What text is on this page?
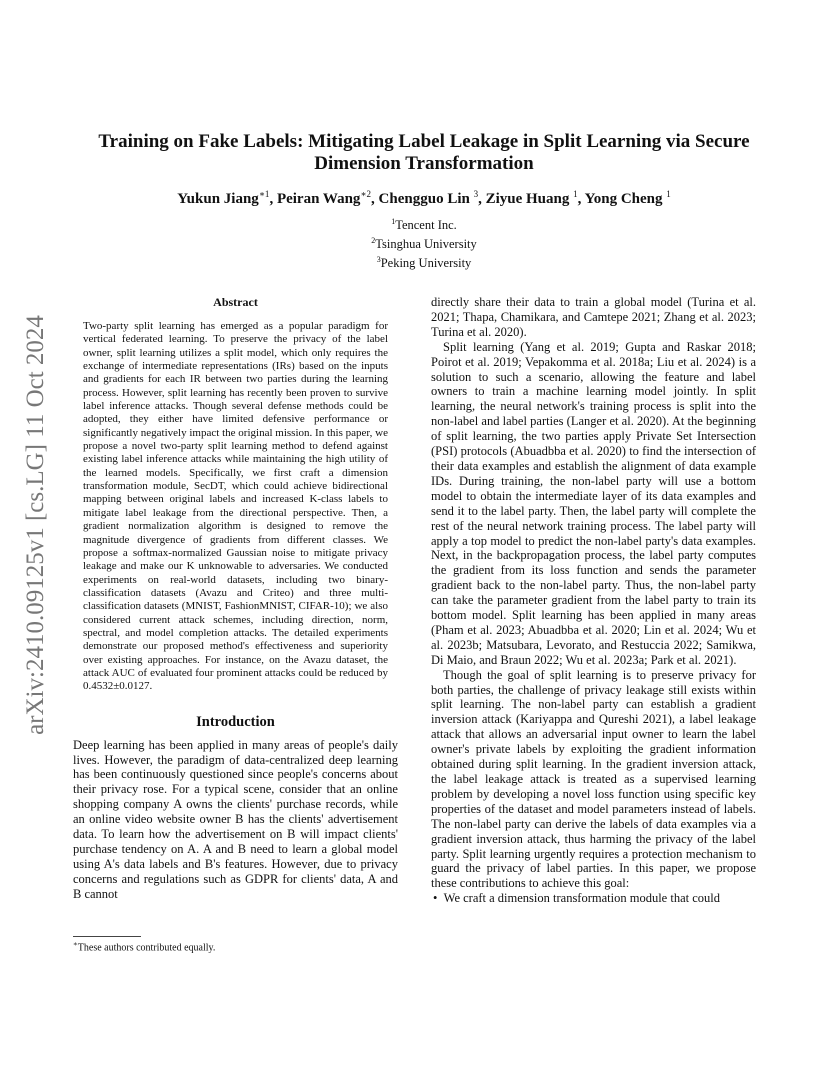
arXiv:2410.09125v1 [cs.LG] 11 Oct 2024
Training on Fake Labels: Mitigating Label Leakage in Split Learning via Secure Dimension Transformation
Yukun Jiang$^{∗1}$, Peiran Wang$^{∗2}$, Chengguo Lin $^3$, Ziyue Huang $^1$, Yong Cheng $^1$
$^1$Tencent Inc.
$^2$Tsinghua University
$^3$Peking University
Abstract

Two-party split learning has emerged as a popular paradigm for vertical federated learning. To preserve the privacy of the label owner, split learning utilizes a split model, which only requires the exchange of intermediate representations (IRs) based on the inputs and gradients for each IR between two parties during the learning process. However, split learning has recently been proven to survive label inference attacks. Though several defense methods could be adopted, they either have limited defensive performance or significantly negatively impact the original mission. In this paper, we propose a novel two-party split learning method to defend against existing label inference attacks while maintaining the high utility of the learned models. Specifically, we first craft a dimension transformation module, SecDT, which could achieve bidirectional mapping between original labels and increased K-class labels to mitigate label leakage from the directional perspective. Then, a gradient normalization algorithm is designed to remove the magnitude divergence of gradients from different classes. We propose a softmax-normalized Gaussian noise to mitigate privacy leakage and make our K unknowable to adversaries. We conducted experiments on real-world datasets, including two binary-classification datasets (Avazu and Criteo) and three multi-classification datasets (MNIST, FashionMNIST, CIFAR-10); we also considered current attack schemes, including direction, norm, spectral, and model completion attacks. The detailed experiments demonstrate our proposed method's effectiveness and superiority over existing approaches. For instance, on the Avazu dataset, the attack AUC of evaluated four prominent attacks could be reduced by 0.4532±0.0127.

Introduction

Deep learning has been applied in many areas of people's daily lives. However, the paradigm of data-centralized deep learning has been continuously questioned since people's concerns about their privacy rose. For a typical scene, consider that an online shopping company A owns the clients' purchase records, while an online video website owner B has the clients' advertisement data. To learn how the advertisement on B will impact clients' purchase tendency on A. A and B need to learn a global model using A's data labels and B's features. However, due to privacy concerns and regulations such as GDPR for clients' data, A and B cannot

directly share their data to train a global model (Turina et al. 2021; Thapa, Chamikara, and Camtepe 2021; Zhang et al. 2023; Turina et al. 2020).

Split learning (Yang et al. 2019; Gupta and Raskar 2018; Poirot et al. 2019; Vepakomma et al. 2018a; Liu et al. 2024) is a solution to such a scenario, allowing the feature and label owners to train a machine learning model jointly. In split learning, the neural network's training process is split into the non-label and label parties (Langer et al. 2020). At the beginning of split learning, the two parties apply Private Set Intersection (PSI) protocols (Abuadbba et al. 2020) to find the intersection of their data examples and establish the alignment of data example IDs. During training, the non-label party will use a bottom model to obtain the intermediate layer of its data examples and send it to the label party. Then, the label party will complete the rest of the neural network training process. The label party will apply a top model to predict the non-label party's data examples. Next, in the backpropagation process, the label party computes the gradient from its loss function and sends the parameter gradient back to the non-label party. Thus, the non-label party can take the parameter gradient from the label party to train its bottom model. Split learning has been applied in many areas (Pham et al. 2023; Abuadbba et al. 2020; Lin et al. 2024; Wu et al. 2023b; Matsubara, Levorato, and Restuccia 2022; Samikwa, Di Maio, and Braun 2022; Wu et al. 2023a; Park et al. 2021).

Though the goal of split learning is to preserve privacy for both parties, the challenge of privacy leakage still exists within split learning. The non-label party can establish a gradient inversion attack (Kariyappa and Qureshi 2021), a label leakage attack that allows an adversarial input owner to learn the label owner's private labels by exploiting the gradient information obtained during split learning. In the gradient inversion attack, the label leakage attack is treated as a supervised learning problem by developing a novel loss function using specific key properties of the dataset and model parameters instead of labels. The non-label party can derive the labels of data examples via a gradient inversion attack, thus harming the privacy of the label party. Split learning urgently requires a protection mechanism to guard the privacy of label parties. In this paper, we propose these contributions to achieve this goal:

•  We craft a dimension transformation module that could

∗These authors contributed equally.
